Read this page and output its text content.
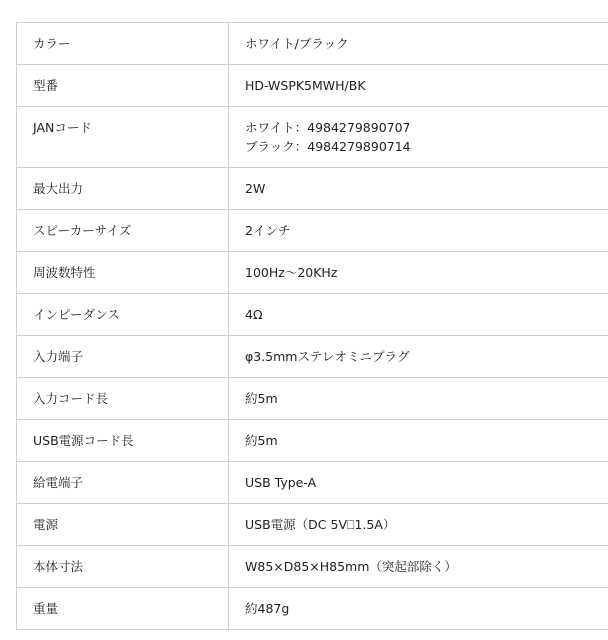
カラー	ホワイト/ブラック

型番	HD-WSPK5MWH/BK

JANコード	ホワイト：4984279890707
ブラック：4984279890714

最大出力	2W

スピーカーサイズ	2インチ

周波数特性	100Hz～20KHz

インピーダンス	4Ω

入力端子	φ3.5mmステレオミニプラグ

入力コード長	約5m

USB電源コード長	約5m

給電端子	USB Type-A

電源	USB電源（DC 5V⎕1.5A）

本体寸法	W85×D85×H85mm（突起部除く）

重量	約487g
